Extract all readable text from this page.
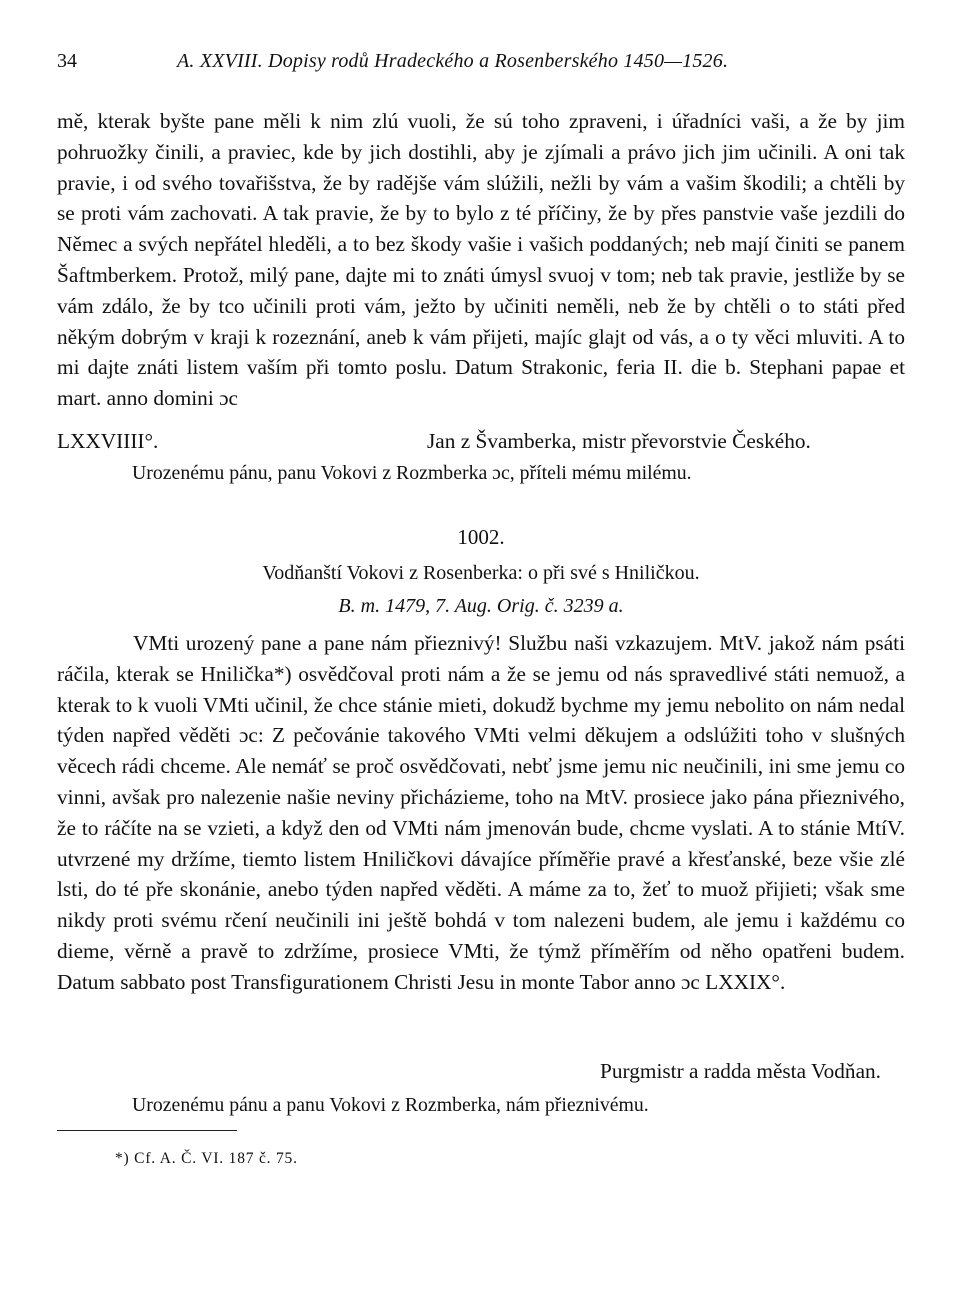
34	A. XXVIII. Dopisy rodů Hradeckého a Rosenberského 1450—1526.

mě, kterak byšte pane měli k nim zlú vuoli, že sú toho zpraveni, i úřadníci vaši, a že by jim pohruožky činili, a praviec, kde by jich dostihli, aby je zjímali a právo jich jim učinili. A oni tak pravie, i od svého tovařišstva, že by radějše vám slúžili, nežli by vám a vašim škodili; a chtěli by se proti vám zachovati. A tak pravie, že by to bylo z té příčiny, že by přes panstvie vaše jezdili do Němec a svých nepřátel hleděli, a to bez škody vašie i vašich poddaných; neb mají činiti se panem Šaftmberkem. Protož, milý pane, dajte mi to znáti úmysl svuoj v tom; neb tak pravie, jestliže by se vám zdálo, že by tco učinili proti vám, ježto by učiniti neměli, neb že by chtěli o to státi před někým dobrým v kraji k rozeznání, aneb k vám přijeti, majíc glajt od vás, a o ty věci mluviti. A to mi dajte znáti listem vaším při tomto poslu. Datum Strakonic, feria II. die b. Stephani papae et mart. anno domini ɔc

LXXVIIII°.	Jan z Švamberka, mistr převorstvie Českého.
Urozenému pánu, panu Vokovi z Rozmberka ɔc, příteli mému milému.
1002.
Vodňanští Vokovi z Rosenberka: o při své s Hniličkou.
B. m. 1479, 7. Aug. Orig. č. 3239 a.

VMti urozený pane a pane nám přieznivý! Službu naši vzkazujem. MtV. jakož nám psáti ráčila, kterak se Hnilička*) osvědčoval proti nám a že se jemu od nás spravedlivé státi nemuož, a kterak to k vuoli VMti učinil, že chce stánie mieti, dokudž bychme my jemu nebolito on nám nedal týden napřed věděti ɔc: Z pečovánie takového VMti velmi děkujem a odslúžiti toho v slušných věcech rádi chceme. Ale nemáť se proč osvědčovati, nebť jsme jemu nic neučinili, ini sme jemu co vinni, avšak pro nalezenie našie neviny přicházieme, toho na MtV. prosiece jako pána přieznivého, že to ráčíte na se vzieti, a když den od VMti nám jmenován bude, chcme vyslati. A to stánie MtíV. utvrzené my držíme, tiemto listem Hniličkovi dávajíce příměřie pravé a křesťanské, beze všie zlé lsti, do té pře skonánie, anebo týden napřed věděti. A máme za to, žeť to muož přijieti; však sme nikdy proti svému rčení neučinili ini ještě bohdá v tom nalezeni budem, ale jemu i každému co dieme, věrně a pravě to zdržíme, prosiece VMti, že týmž příměřím od něho opatřeni budem. Datum sabbato post Transfigurationem Christi Jesu in monte Tabor anno ɔc LXXIX°.

Purgmistr a radda města Vodňan.
Urozenému pánu a panu Vokovi z Rozmberka, nám přieznivému.
*) Cf. A. Č. VI. 187 č. 75.
